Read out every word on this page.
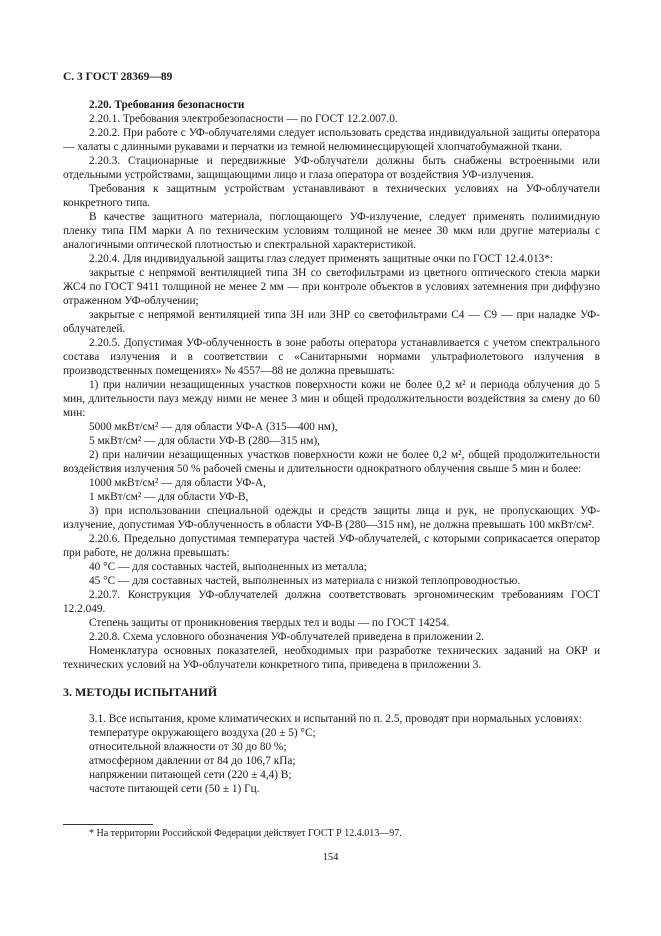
С. 3 ГОСТ 28369—89

2.20. Требования безопасности

2.20.1. Требования электробезопасности — по ГОСТ 12.2.007.0.

2.20.2. При работе с УФ-облучателями следует использовать средства индивидуальной защиты оператора — халаты с длинными рукавами и перчатки из темной нелюминесцирующей хлопчатобумажной ткани.

2.20.3. Стационарные и передвижные УФ-облучатели должны быть снабжены встроенными или отдельными устройствами, защищающими лицо и глаза оператора от воздействия УФ-излучения.

Требования к защитным устройствам устанавливают в технических условиях на УФ-облучатели конкретного типа.

В качестве защитного материала, поглощающего УФ-излучение, следует применять полиимидную пленку типа ПМ марки А по техническим условиям толщиной не менее 30 мкм или другие материалы с аналогичными оптической плотностью и спектральной характеристикой.

2.20.4. Для индивидуальной защиты глаз следует применять защитные очки по ГОСТ 12.4.013*:

закрытые с непрямой вентиляцией типа ЗН со светофильтрами из цветного оптического стекла марки ЖС4 по ГОСТ 9411 толщиной не менее 2 мм — при контроле объектов в условиях затемнения при диффузно отраженном УФ-облучении;

закрытые с непрямой вентиляцией типа ЗН или ЗНР со светофильтрами С4 — С9 — при наладке УФ-облучателей.

2.20.5. Допустимая УФ-облученность в зоне работы оператора устанавливается с учетом спектрального состава излучения и в соответствии с «Санитарными нормами ультрафиолетового излучения в производственных помещениях» № 4557—88 не должна превышать:

1) при наличии незащищенных участков поверхности кожи не более 0,2 м² и периода облучения до 5 мин, длительности пауз между ними не менее 3 мин и общей продолжительности воздействия за смену до 60 мин:

5000 мкВт/см² — для области УФ-А (315—400 нм),

5 мкВт/см² — для области УФ-В (280—315 нм),

2) при наличии незащищенных участков поверхности кожи не более 0,2 м², общей продолжительности воздействия излучения 50 % рабочей смены и длительности однократного облучения свыше 5 мин и более:

1000 мкВт/см² — для области УФ-А,

1 мкВт/см² — для области УФ-В,

3) при использовании специальной одежды и средств защиты лица и рук, не пропускающих УФ-излучение, допустимая УФ-облученность в области УФ-В (280—315 нм), не должна превышать 100 мкВт/см².

2.20.6. Предельно допустимая температура частей УФ-облучателей, с которыми соприкасается оператор при работе, не должна превышать:

40 °С — для составных частей, выполненных из металла;

45 °С — для составных частей, выполненных из материала с низкой теплопроводностью.

2.20.7. Конструкция УФ-облучателей должна соответствовать эргономическим требованиям ГОСТ 12.2.049.

Степень защиты от проникновения твердых тел и воды — по ГОСТ 14254.

2.20.8. Схема условного обозначения УФ-облучателей приведена в приложении 2.

Номенклатура основных показателей, необходимых при разработке технических заданий на ОКР и технических условий на УФ-облучатели конкретного типа, приведена в приложении 3.

3. МЕТОДЫ ИСПЫТАНИЙ

3.1. Все испытания, кроме климатических и испытаний по п. 2.5, проводят при нормальных условиях:

температуре окружающего воздуха (20 ± 5) °С;

относительной влажности от 30 до 80 %;

атмосферном давлении от 84 до 106,7 кПа;

напряжении питающей сети (220 ± 4,4) В;

частоте питающей сети (50 ± 1) Гц.

* На территории Российской Федерации действует ГОСТ Р 12.4.013—97.
154
